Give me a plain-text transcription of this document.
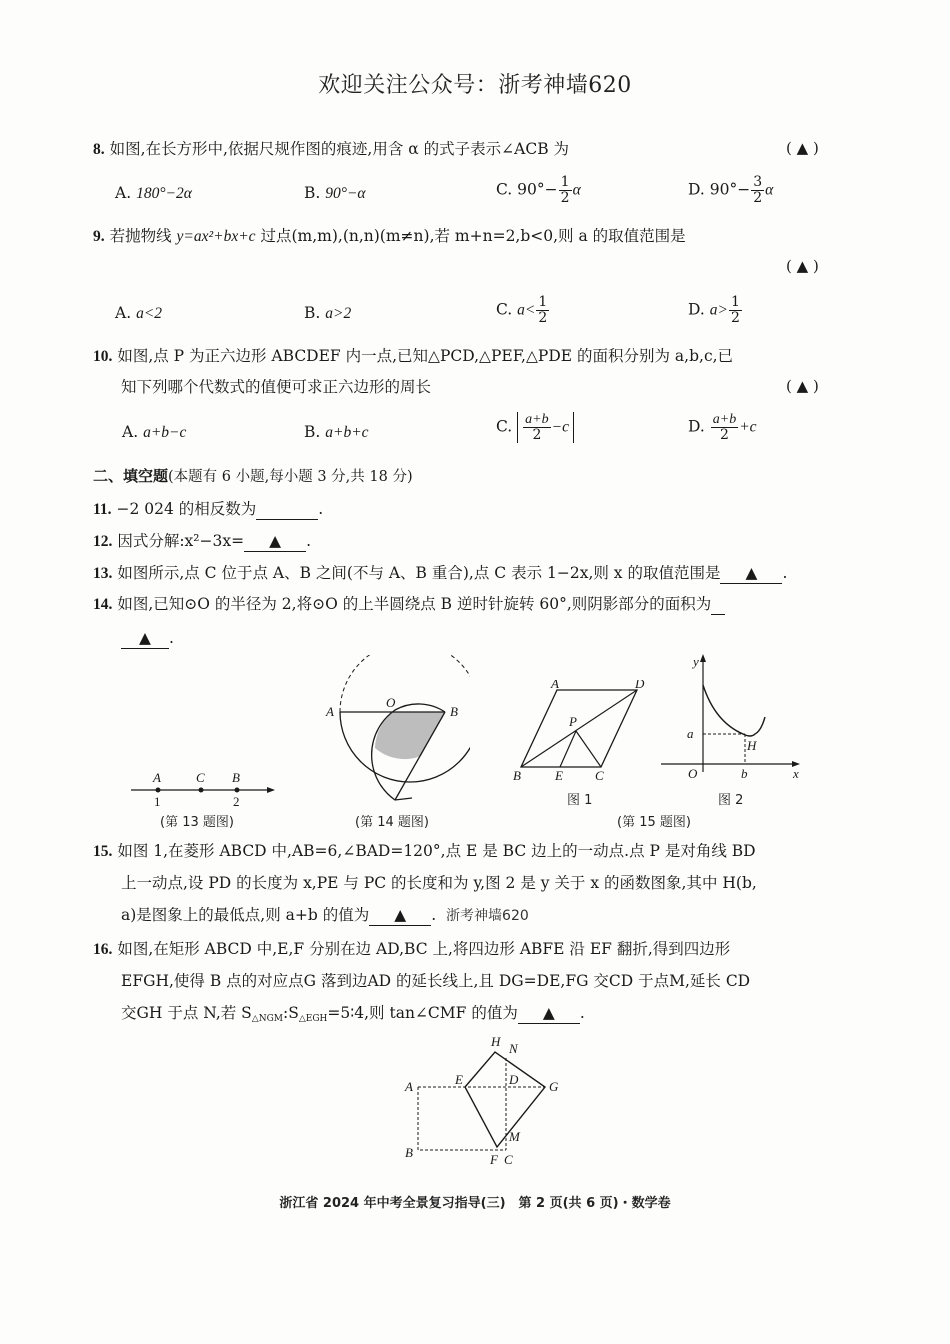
欢迎关注公众号：浙考神墙620
8. 如图,在长方形中,依据尺规作图的痕迹,用含 α 的式子表示∠ACB 为	( ▲ )
A. 180°−2α	B. 90°−α	C. $90^\circ- \frac{1}{2}$ α	D. $90^\circ- \frac{3}{2}$ α
9. 若抛物线 y=ax²+bx+c 过点(m,m),(n,n)(m≠n),若 m+n=2,b<0,则 a 的取值范围是
( ▲ )
A. a<2	B. a>2	C. $a< \frac{1}{2}$	D. $a> \frac{1}{2}$
10. 如图,点 P 为正六边形 ABCDEF 内一点,已知△PCD,△PEF,△PDE 的面积分别为 a,b,c,已
知下列哪个代数式的值便可求正六边形的周长	( ▲ )
A. a+b−c	B. a+b+c	C. $\frac{a+b}{2} -c$	D. $\frac{a+b}{2} +c$
二、填空题(本题有 6 小题,每小题 3 分,共 18 分)
11. −2 024 的相反数为	.
12. 因式分解:x²−3x= ▲ .
13. 如图所示,点 C 位于点 A、B 之间(不与 A、B 重合),点 C 表示 1−2x,则 x 的取值范围是 ▲ .
14. 如图,已知⊙O 的半径为 2,将⊙O 的上半圆绕点 B 逆时针旋转 60°,则阴影部分的面积为
▲ .
A	C B
1	2
(第 13 题图)
A
O
B
(第 14 题图)
A	D
P
B	E C
图 1
y
a
H
O	b	x
图 2
(第 15 题图)
15. 如图 1,在菱形 ABCD 中,AB=6,∠BAD=120°,点 E 是 BC 边上的一动点.点 P 是对角线 BD
上一动点,设 PD 的长度为 x,PE 与 PC 的长度和为 y,图 2 是 y 关于 x 的函数图象,其中 H(b,
a)是图象上的最低点,则 a+b 的值为 ▲ . 浙考神墙620
16. 如图,在矩形 ABCD 中,E,F 分别在边 AD,BC 上,将四边形 ABFE 沿 EF 翻折,得到四边形
EFGH,使得 B 点的对应点G 落到边AD 的延长线上,且 DG=DE,FG 交CD 于点M,延长 CD
交GH 于点 N,若 $S_{\triangle NGM}:S_{\triangle EGH}=5∶4$,则 tan∠CMF 的值为 ▲ .
H N
A	E	D G
M
B	F C
浙江省 2024 年中考全景复习指导(三)　第 2 页(共 6 页)・数学卷
